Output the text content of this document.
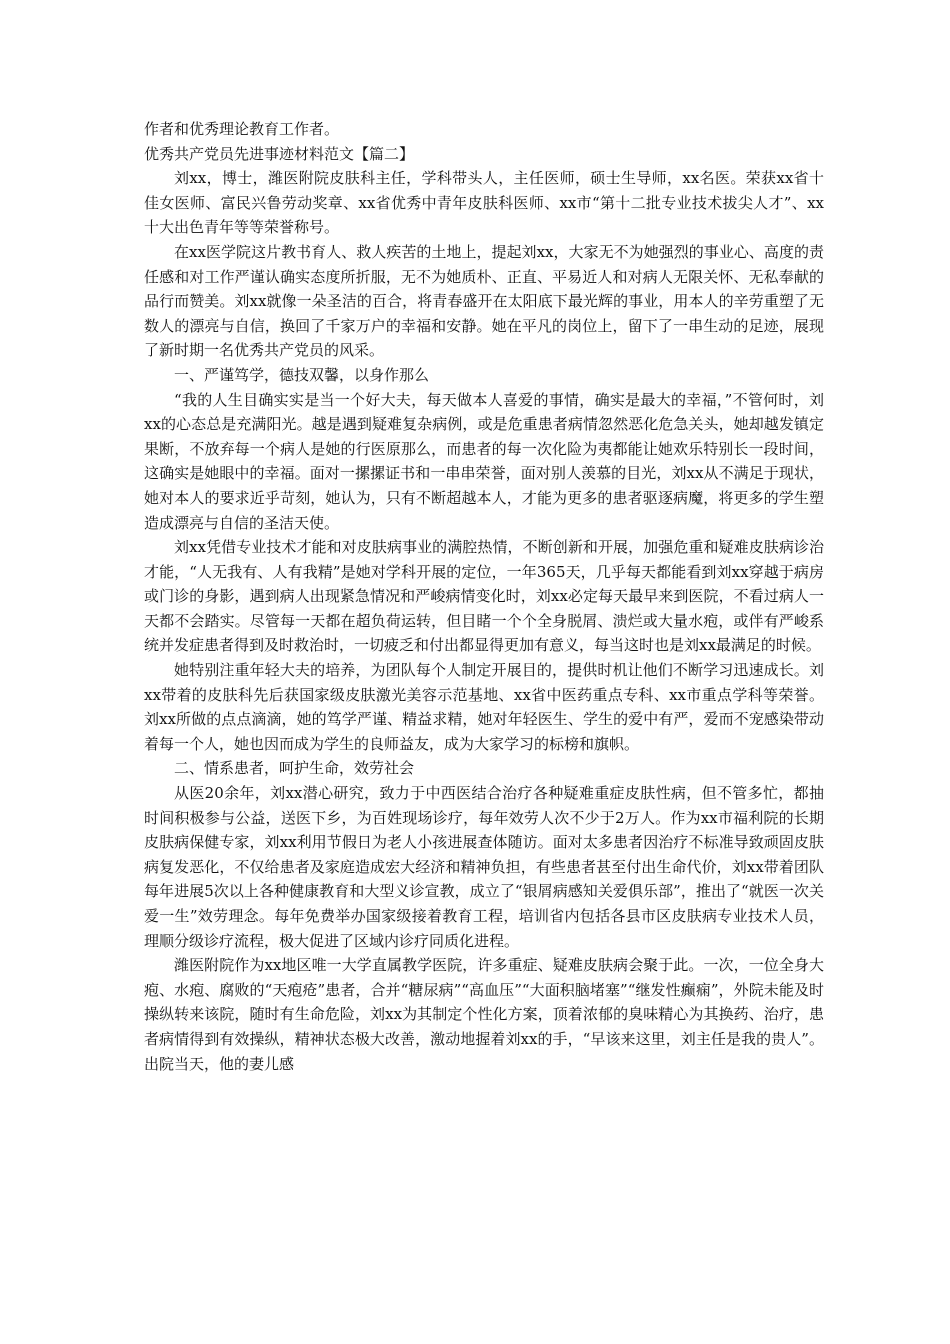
作者和优秀理论教育工作者。

优秀共产党员先进事迹材料范文【篇二】

刘xx，博士，潍医附院皮肤科主任，学科带头人，主任医师，硕士生导师，xx名医。荣获xx省十佳女医师、富民兴鲁劳动奖章、xx省优秀中青年皮肤科医师、xx市“第十二批专业技术拔尖人才”、xx十大出色青年等等荣誉称号。

在xx医学院这片教书育人、救人疾苦的土地上，提起刘xx，大家无不为她强烈的事业心、高度的责任感和对工作严谨认确实态度所折服，无不为她质朴、正直、平易近人和对病人无限关怀、无私奉献的品行而赞美。刘xx就像一朵圣洁的百合，将青春盛开在太阳底下最光辉的事业，用本人的辛劳重塑了无数人的漂亮与自信，换回了千家万户的幸福和安静。她在平凡的岗位上，留下了一串生动的足迹，展现了新时期一名优秀共产党员的风采。

一、严谨笃学，德技双馨，以身作那么

“我的人生目确实实是当一个好大夫，每天做本人喜爱的事情，确实是最大的幸福，”不管何时，刘xx的心态总是充满阳光。越是遇到疑难复杂病例，或是危重患者病情忽然恶化危急关头，她却越发镇定果断，不放弃每一个病人是她的行医原那么，而患者的每一次化险为夷都能让她欢乐特别长一段时间，这确实是她眼中的幸福。面对一摞摞证书和一串串荣誉，面对别人羡慕的目光，刘xx从不满足于现状，她对本人的要求近乎苛刻，她认为，只有不断超越本人，才能为更多的患者驱逐病魔，将更多的学生塑造成漂亮与自信的圣洁天使。

刘xx凭借专业技术才能和对皮肤病事业的满腔热情，不断创新和开展，加强危重和疑难皮肤病诊治才能，“人无我有、人有我精”是她对学科开展的定位，一年365天，几乎每天都能看到刘xx穿越于病房或门诊的身影，遇到病人出现紧急情况和严峻病情变化时，刘xx必定每天最早来到医院，不看过病人一天都不会踏实。尽管每一天都在超负荷运转，但目睹一个个全身脱屑、溃烂或大量水疱，或伴有严峻系统并发症患者得到及时救治时，一切疲乏和付出都显得更加有意义，每当这时也是刘xx最满足的时候。

她特别注重年轻大夫的培养，为团队每个人制定开展目的，提供时机让他们不断学习迅速成长。刘xx带着的皮肤科先后获国家级皮肤激光美容示范基地、xx省中医药重点专科、xx市重点学科等荣誉。刘xx所做的点点滴滴，她的笃学严谨、精益求精，她对年轻医生、学生的爱中有严，爱而不宠感染带动着每一个人，她也因而成为学生的良师益友，成为大家学习的标榜和旗帜。

二、情系患者，呵护生命，效劳社会

从医20余年，刘xx潜心研究，致力于中西医结合治疗各种疑难重症皮肤性病，但不管多忙，都抽时间积极参与公益，送医下乡，为百姓现场诊疗，每年效劳人次不少于2万人。作为xx市福利院的长期皮肤病保健专家，刘xx利用节假日为老人小孩进展查体随访。面对太多患者因治疗不标准导致顽固皮肤病复发恶化，不仅给患者及家庭造成宏大经济和精神负担，有些患者甚至付出生命代价，刘xx带着团队每年进展5次以上各种健康教育和大型义诊宣教，成立了“银屑病感知关爱俱乐部”，推出了“就医一次关爱一生”效劳理念。每年免费举办国家级接着教育工程，培训省内包括各县市区皮肤病专业技术人员，理顺分级诊疗流程，极大促进了区域内诊疗同质化进程。

潍医附院作为xx地区唯一大学直属教学医院，许多重症、疑难皮肤病会聚于此。一次，一位全身大疱、水疱、腐败的“天疱疮”患者，合并“糖尿病”“高血压”“大面积脑堵塞”“继发性癫痫”，外院未能及时操纵转来该院，随时有生命危险，刘xx为其制定个性化方案，顶着浓郁的臭味精心为其换药、治疗，患者病情得到有效操纵，精神状态极大改善，激动地握着刘xx的手，“早该来这里，刘主任是我的贵人”。出院当天，他的妻儿感
